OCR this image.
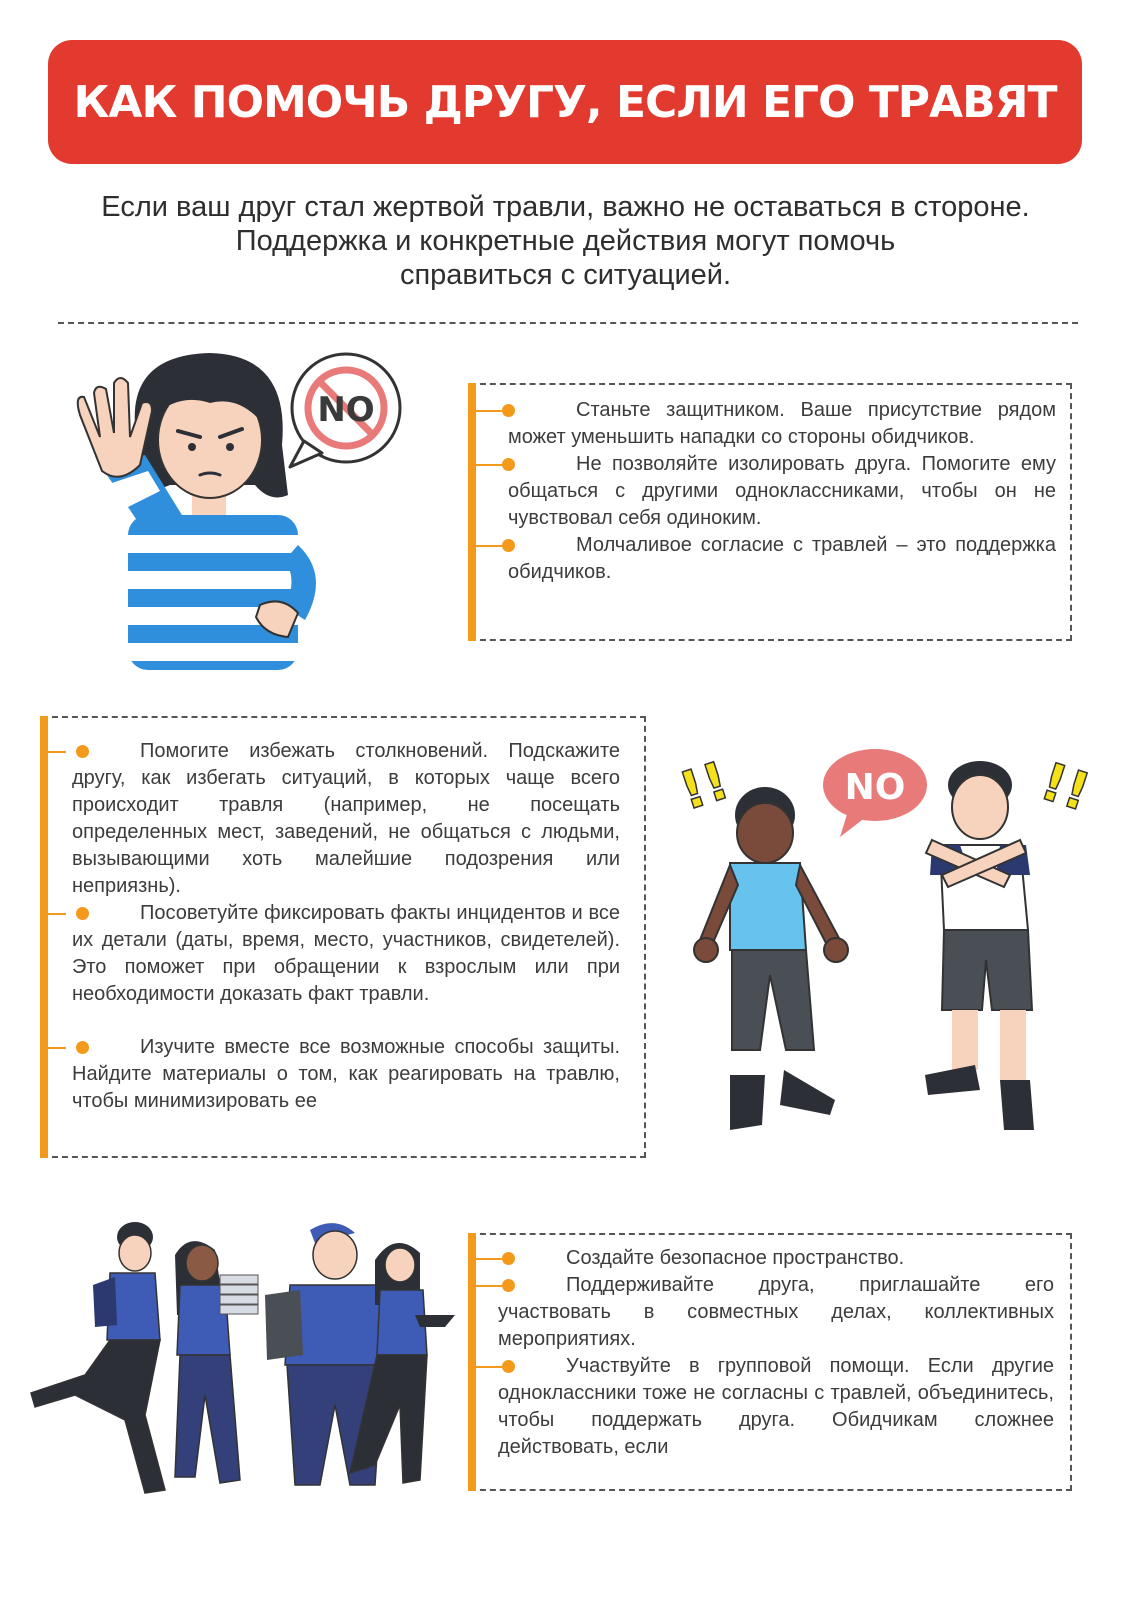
КАК ПОМОЧЬ ДРУГУ, ЕСЛИ ЕГО ТРАВЯТ
Если ваш друг стал жертвой травли, важно не оставаться в стороне.
Поддержка и конкретные действия могут помочь
справиться с ситуацией.
NO	Станьте защитником. Ваше присутствие рядом может уменьшить нападки со стороны обидчиков.

Не позволяйте изолировать друга. Помогите ему общаться с другими одноклассниками, чтобы он не чувствовал себя одиноким.

Молчаливое согласие с травлей – это поддержка обидчиков.

Помогите избежать столкновений. Подскажите другу, как избегать ситуаций, в которых чаще всего происходит травля (например, не посещать определенных мест, заведений, не общаться с людьми, вызывающими хоть малейшие подозрения или неприязнь).

Посоветуйте фиксировать факты инцидентов и все их детали (даты, время, место, участников, свидетелей). Это поможет при обращении к взрослым или при необходимости доказать факт травли.

Изучите вместе все возможные способы защиты. Найдите материалы о том, как реагировать на травлю, чтобы минимизировать ее

!!	!!
NO

Создайте безопасное пространство.

Поддерживайте друга, приглашайте его участвовать в совместных делах, коллективных мероприятиях.

Участвуйте в групповой помощи. Если другие одноклассники тоже не согласны с травлей, объединитесь, чтобы поддержать друга. Обидчикам сложнее действовать, если
